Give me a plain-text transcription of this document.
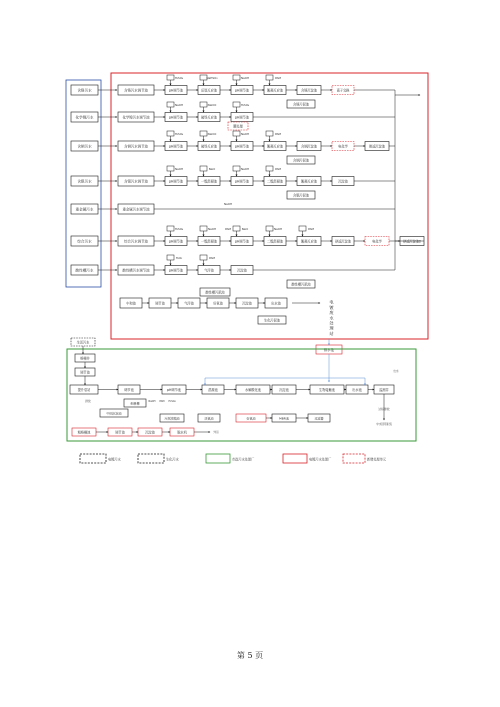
含铬污水
化学镍污水
含铜污水
含银污水
重金属污水
综合污水
酸性槽污水
含铬污水调节池	pH调节池
H₂SO₄
还原反应池
NaHSO₃
pH调节池
NaOH
絮凝反应池
PAM
含铬沉淀池	离子交换
含铬污泥池
化学镍污水调节池	pH调节池
NaOH
破络反应池
NaClO
pH调节池
H₂SO₄
膜处理
含铜污水调节池	pH调节池
H₂SO₄
破络反应池
NaClO
pH调节池
NaOH
絮凝反应池
PAM
含铜沉淀池	电化学	微滤沉淀池
含铜污泥池
含银污水调节池	pH调节池
NaOH
一级混凝池
NaCl
pH调节池
NaOH
二级混凝池
PAM
絮凝反应池	沉淀池
含银污泥池
重金属污水调节池
综合污水调节池	pH调节池
H₂SO₄
一级混凝池
NaOH
pH调节池
NaCl
二级混凝池
NaOH
絮凝反应池
PAM
砂滤沉淀池	电化学	砂滤沉淀池2
酸性槽污水调节池	pH调节池
H₂O₂
气浮池
PAM
沉淀池
酸性槽污泥池
中和池	调节池	气浮池	好氧池	沉淀池	出水池
生化污泥池
酸性槽污泥池
NaOH
PAM
电镀废水处理站
排水池
生活污水
格栅井
调节池
提升泵站	调节池	pH调节池	混凝池	水解酸化池	沉淀池	生物接触池	出水池	监测井
达标排放
中水回用系统
细格栅
中间沉淀池
污泥浓缩池	厌氧池	好氧池	MBR池	过滤器
粗格栅池	调节池	沉淀池	脱水机	外运
排放
出水
NaOH PAM H₂SO₄
电镀污水	生化污水	市政污水处理厂	电镀污水处理厂	新增处理单元
第 5 页
